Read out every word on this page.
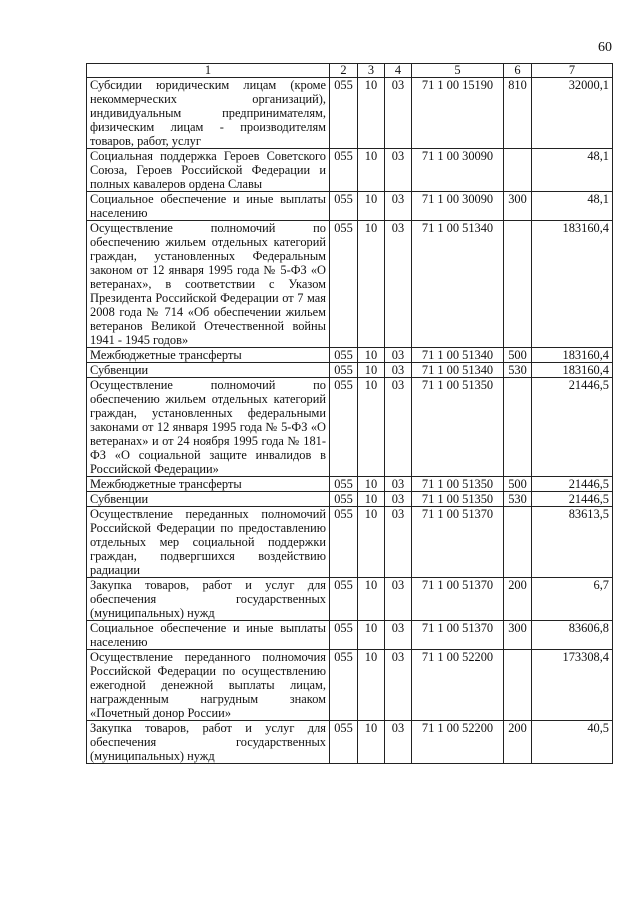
60
1	2	3	4	5	6	7
Субсидии юридическим лицам (кроме некоммерческих организаций), индивидуальным предпринимателям, физическим лицам - производителям товаров, работ, услуг	055	10	03	71 1 00 15190	810	32000,1
Социальная поддержка Героев Советского Союза, Героев Российской Федерации и полных кавалеров ордена Славы	055	10	03	71 1 00 30090		48,1
Социальное обеспечение и иные выплаты населению	055	10	03	71 1 00 30090	300	48,1
Осуществление полномочий по обеспечению жильем отдельных категорий граждан, установленных Федеральным законом от 12 января 1995 года № 5-ФЗ «О ветеранах», в соответствии с Указом Президента Российской Федерации от 7 мая 2008 года № 714 «Об обеспечении жильем ветеранов Великой Отечественной войны 1941 - 1945 годов»	055	10	03	71 1 00 51340		183160,4
Межбюджетные трансферты	055	10	03	71 1 00 51340	500	183160,4
Субвенции	055	10	03	71 1 00 51340	530	183160,4
Осуществление полномочий по обеспечению жильем отдельных категорий граждан, установленных федеральными законами от 12 января 1995 года № 5-ФЗ «О ветеранах» и от 24 ноября 1995 года № 181-ФЗ «О социальной защите инвалидов в Российской Федерации»	055	10	03	71 1 00 51350		21446,5
Межбюджетные трансферты	055	10	03	71 1 00 51350	500	21446,5
Субвенции	055	10	03	71 1 00 51350	530	21446,5
Осуществление переданных полномочий Российской Федерации по предоставлению отдельных мер социальной поддержки граждан, подвергшихся воздействию радиации	055	10	03	71 1 00 51370		83613,5
Закупка товаров, работ и услуг для обеспечения государственных (муниципальных) нужд	055	10	03	71 1 00 51370	200	6,7
Социальное обеспечение и иные выплаты населению	055	10	03	71 1 00 51370	300	83606,8
Осуществление переданного полномочия Российской Федерации по осуществлению ежегодной денежной выплаты лицам, награжденным нагрудным знаком «Почетный донор России»	055	10	03	71 1 00 52200		173308,4
Закупка товаров, работ и услуг для обеспечения государственных (муниципальных) нужд	055	10	03	71 1 00 52200	200	40,5
